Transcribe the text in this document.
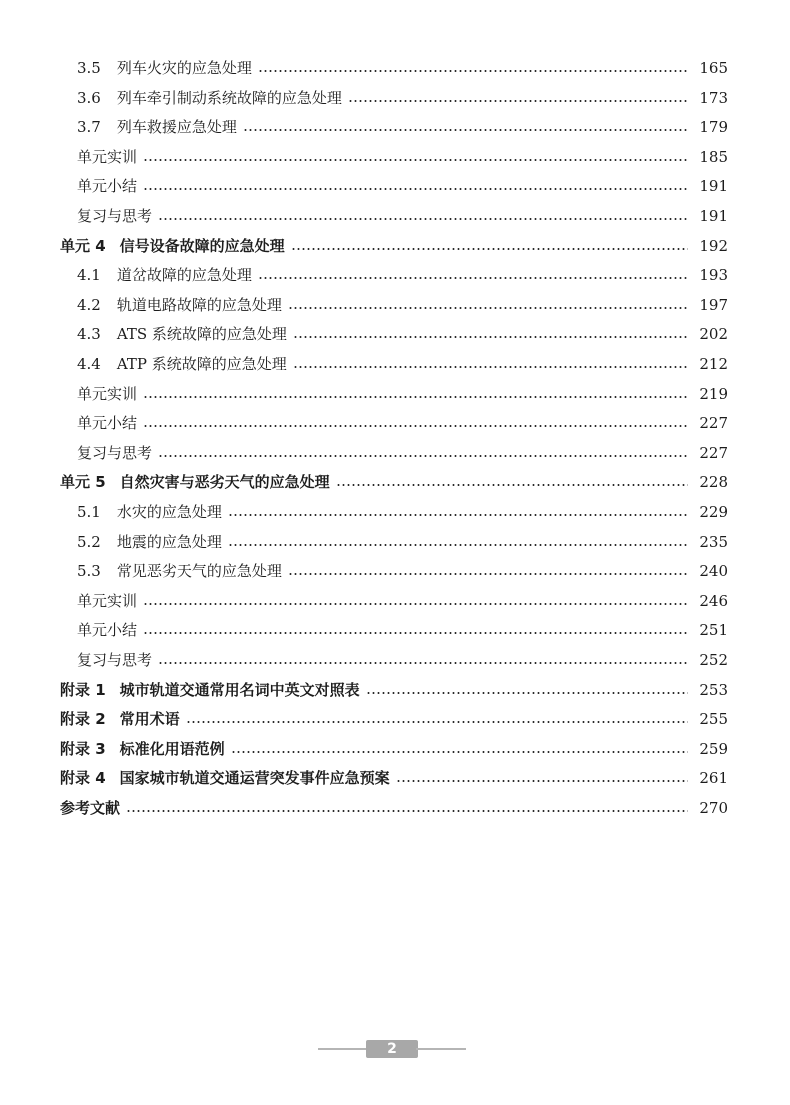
3.5 列车火灾的应急处理	165
3.6 列车牵引制动系统故障的应急处理	173
3.7 列车救援应急处理	179
单元实训	185
单元小结	191
复习与思考	191
单元 4 信号设备故障的应急处理	192
4.1 道岔故障的应急处理	193
4.2 轨道电路故障的应急处理	197
4.3 ATS 系统故障的应急处理	202
4.4 ATP 系统故障的应急处理	212
单元实训	219
单元小结	227
复习与思考	227
单元 5 自然灾害与恶劣天气的应急处理	228
5.1 水灾的应急处理	229
5.2 地震的应急处理	235
5.3 常见恶劣天气的应急处理	240
单元实训	246
单元小结	251
复习与思考	252
附录 1 城市轨道交通常用名词中英文对照表	253
附录 2 常用术语	255
附录 3 标准化用语范例	259
附录 4 国家城市轨道交通运营突发事件应急预案	261
参考文献	270
2
